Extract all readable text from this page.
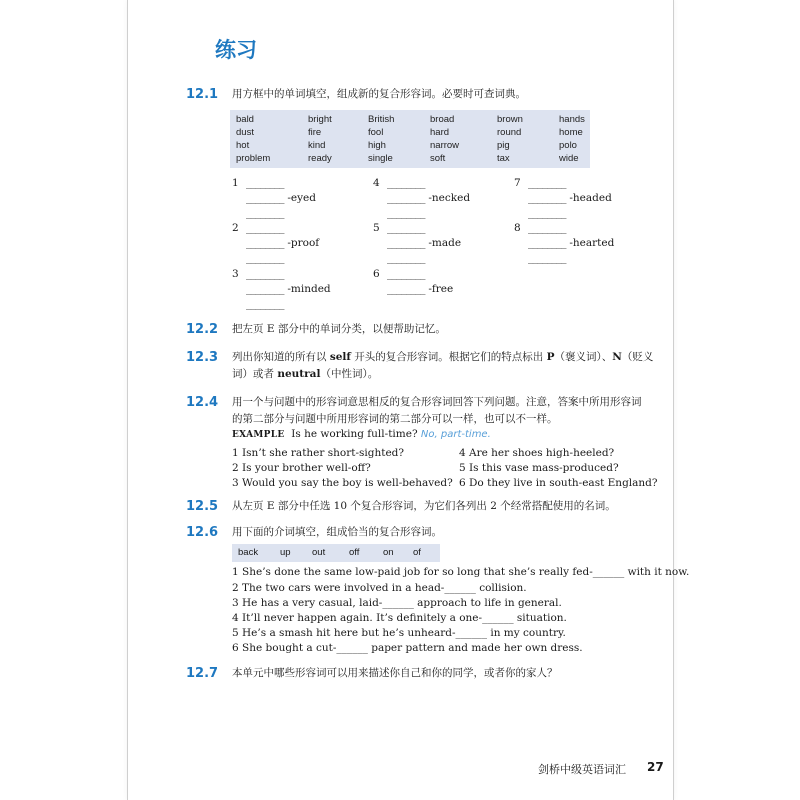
练习
12.1 用方框中的单词填空，组成新的复合形容词。必要时可查词典。
bald
dust
hot
problem
bright
fire
kind
ready
British
fool
high
single
broad
hard
narrow
soft
brown
round
pig
tax
hands
home
polo
wide
1 ________
________ -eyed
________
2 ________
________ -proof
________
3 ________
________ -minded
________
4 ________
________ -necked
________
5 ________
________ -made
________
6 ________
________ -free
7 ________
________ -headed
________
8 ________
________ -hearted
________
12.2 把左页 E 部分中的单词分类，以便帮助记忆。
12.3 列出你知道的所有以 self 开头的复合形容词。根据它们的特点标出 P（褒义词）、N（贬义
词）或者 neutral（中性词）。
12.4 用一个与问题中的形容词意思相反的复合形容词回答下列问题。注意，答案中所用形容词
的第二部分与问题中所用形容词的第二部分可以一样，也可以不一样。
EXAMPLE Is he working full-time? No, part-time.
1 Isn’t she rather short-sighted?
2 Is your brother well-off?
3 Would you say the boy is well-behaved?
4 Are her shoes high-heeled?
5 Is this vase mass-produced?
6 Do they live in south-east England?
12.5 从左页 E 部分中任选 10 个复合形容词，为它们各列出 2 个经常搭配使用的名词。
12.6 用下面的介词填空，组成恰当的复合形容词。
back up out	off on of
1 She’s done the same low-paid job for so long that she’s really fed-______ with it now.
2 The two cars were involved in a head-______ collision.
3 He has a very casual, laid-______ approach to life in general.
4 It’ll never happen again. It’s definitely a one-______ situation.
5 He’s a smash hit here but he’s unheard-______ in my country.
6 She bought a cut-______ paper pattern and made her own dress.
12.7 本单元中哪些形容词可以用来描述你自己和你的同学，或者你的家人？
剑桥中级英语词汇 27
